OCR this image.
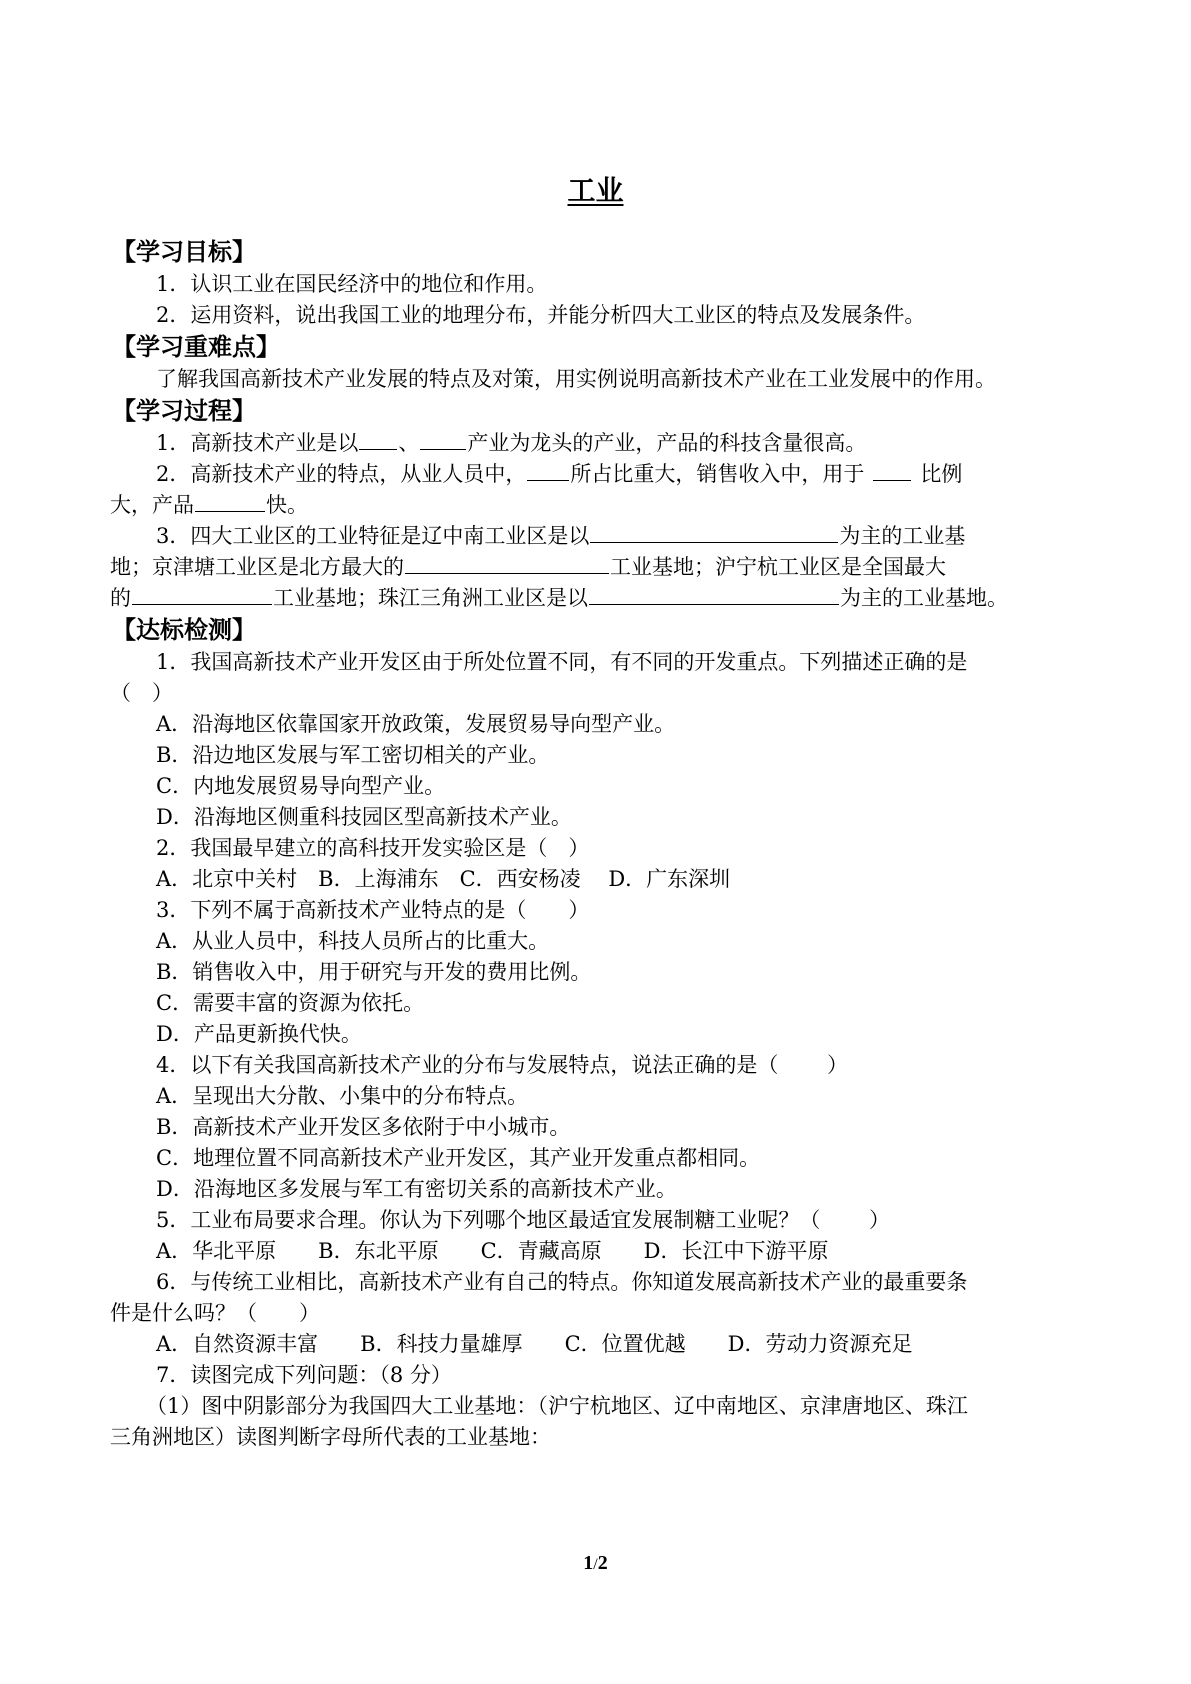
工业
【学习目标】
1．认识工业在国民经济中的地位和作用。
2．运用资料，说出我国工业的地理分布，并能分析四大工业区的特点及发展条件。
【学习重难点】
了解我国高新技术产业发展的特点及对策，用实例说明高新技术产业在工业发展中的作用。
【学习过程】
1．高新技术产业是以 、 产业为龙头的产业，产品的科技含量很高。
2．高新技术产业的特点，从业人员中， 所占比重大，销售收入中，用于	比例
大，产品	快。
3．四大工业区的工业特征是辽中南工业区是以	为主的工业基
地；京津塘工业区是北方最大的	工业基地；沪宁杭工业区是全国最大
的	工业基地；珠江三角洲工业区是以	为主的工业基地。
【达标检测】
1．我国高新技术产业开发区由于所处位置不同，有不同的开发重点。下列描述正确的是
（　）
A．沿海地区依靠国家开放政策，发展贸易导向型产业。
B．沿边地区发展与军工密切相关的产业。
C．内地发展贸易导向型产业。
D．沿海地区侧重科技园区型高新技术产业。
2．我国最早建立的高科技开发实验区是（　）
A．北京中关村　B．上海浦东　C．西安杨凌　 D．广东深圳
3．下列不属于高新技术产业特点的是（　　）
A．从业人员中，科技人员所占的比重大。
B．销售收入中，用于研究与开发的费用比例。
C．需要丰富的资源为依托。
D．产品更新换代快。
4．以下有关我国高新技术产业的分布与发展特点，说法正确的是（　　 ）
A．呈现出大分散、小集中的分布特点。
B．高新技术产业开发区多依附于中小城市。
C．地理位置不同高新技术产业开发区，其产业开发重点都相同。
D．沿海地区多发展与军工有密切关系的高新技术产业。
5．工业布局要求合理。你认为下列哪个地区最适宜发展制糖工业呢？（　　 ）
A．华北平原　　B．东北平原　　C．青藏高原　　D．长江中下游平原
6．与传统工业相比，高新技术产业有自己的特点。你知道发展高新技术产业的最重要条
件是什么吗？（　　）
A．自然资源丰富　　B．科技力量雄厚　　C．位置优越　　D．劳动力资源充足
7．读图完成下列问题：（8 分）
（1）图中阴影部分为我国四大工业基地：（沪宁杭地区、辽中南地区、京津唐地区、珠江
三角洲地区）读图判断字母所代表的工业基地：
1/2
